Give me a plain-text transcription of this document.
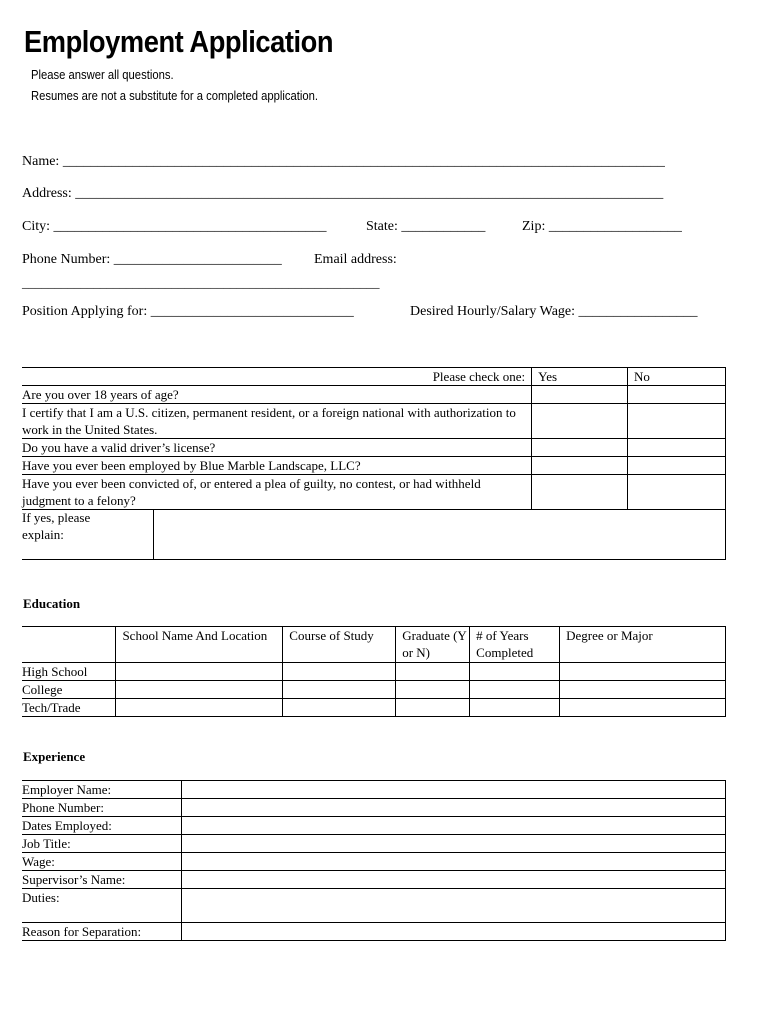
Employment Application
Please answer all questions.
Resumes are not a substitute for a completed application.
Name: ______________________________________________________________________________________
Address: ____________________________________________________________________________________
City: _______________________________________	State: ____________	Zip: ___________________
Phone Number: ________________________ Email address:
_______________________________________________________
Position Applying for: _____________________________	Desired Hourly/Salary Wage: _________________
Please check one:	Yes	No
Are you over 18 years of age?		
I certify that I am a U.S. citizen, permanent resident, or a foreign national with authorization to work in the United States.		
Do you have a valid driver’s license?		
Have you ever been employed by Blue Marble Landscape, LLC?		
Have you ever been convicted of, or entered a plea of guilty, no contest, or had withheld judgment to a felony?		
If yes, please explain:	
Education
	School Name And Location	Course of Study	Graduate (Y or N)	# of Years Completed	Degree or Major
High School					
College					
Tech/Trade					
Experience
Employer Name:	
Phone Number:	
Dates Employed:	
Job Title:	
Wage:	
Supervisor’s Name:	
Duties:	
Reason for Separation:	
